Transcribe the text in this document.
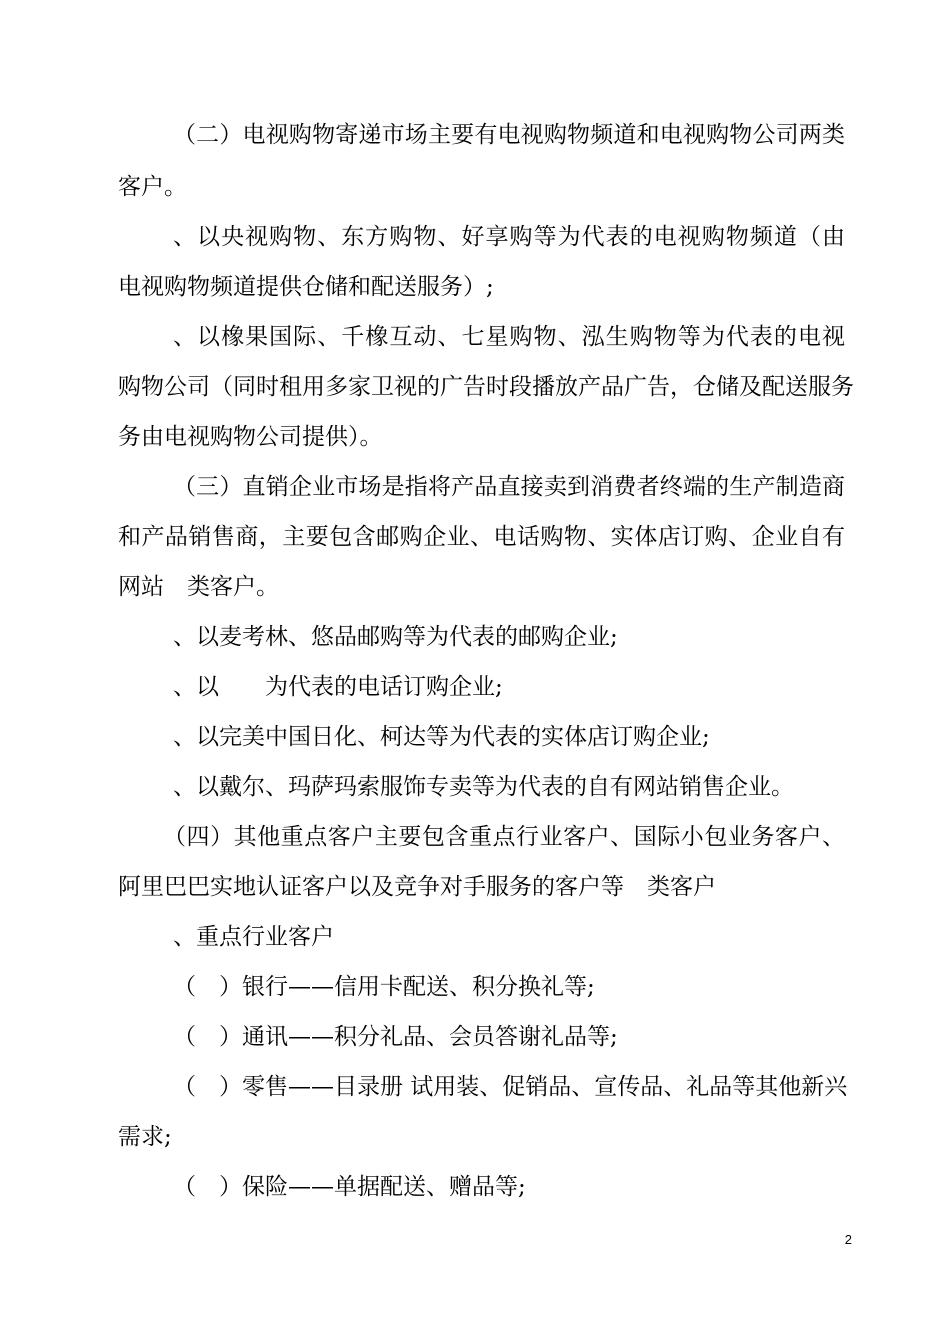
（二）电视购物寄递市场主要有电视购物频道和电视购物公司两类
客户。
、以央视购物、东方购物、好享购等为代表的电视购物频道（由
电视购物频道提供仓储和配送服务）;
、以橡果国际、千橡互动、七星购物、泓生购物等为代表的电视
购物公司（同时租用多家卫视的广告时段播放产品广告，仓储及配送服务
务由电视购物公司提供）。
（三）直销企业市场是指将产品直接卖到消费者终端的生产制造商
和产品销售商，主要包含邮购企业、电话购物、实体店订购、企业自有
网站　类客户。
、以麦考林、悠品邮购等为代表的邮购企业;
、以　　为代表的电话订购企业;
、以完美中国日化、柯达等为代表的实体店订购企业;
、以戴尔、玛萨玛索服饰专卖等为代表的自有网站销售企业。
（四）其他重点客户主要包含重点行业客户、国际小包业务客户、
阿里巴巴实地认证客户以及竞争对手服务的客户等　类客户
、重点行业客户
（　）银行——信用卡配送、积分换礼等;
（　）通讯——积分礼品、会员答谢礼品等;
（　）零售——目录册 试用装、促销品、宣传品、礼品等其他新兴
需求;
（　）保险——单据配送、赠品等;
2
